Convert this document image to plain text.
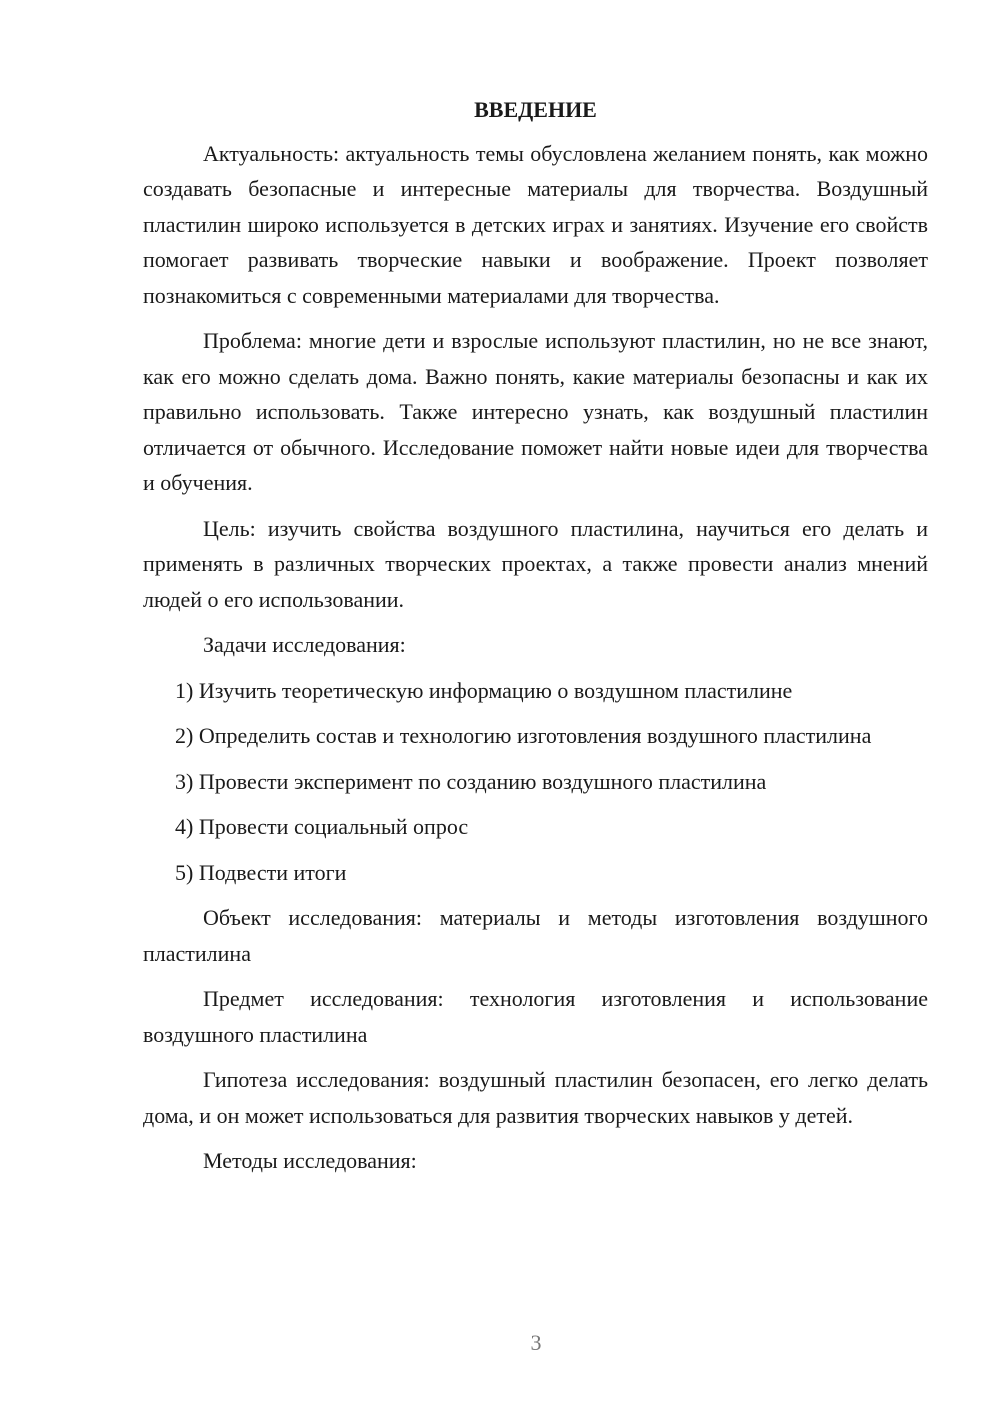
ВВЕДЕНИЕ

Актуальность: актуальность темы обусловлена желанием понять, как можно создавать безопасные и интересные материалы для творчества. Воздушный пластилин широко используется в детских играх и занятиях. Изучение его свойств помогает развивать творческие навыки и воображение. Проект позволяет познакомиться с современными материалами для творчества.

Проблема: многие дети и взрослые используют пластилин, но не все знают, как его можно сделать дома. Важно понять, какие материалы безопасны и как их правильно использовать. Также интересно узнать, как воздушный пластилин отличается от обычного. Исследование поможет найти новые идеи для творчества и обучения.

Цель: изучить свойства воздушного пластилина, научиться его делать и применять в различных творческих проектах, а также провести анализ мнений людей о его использовании.

Задачи исследования:

1) Изучить теоретическую информацию о воздушном пластилине

2) Определить состав и технологию изготовления воздушного пластилина

3) Провести эксперимент по созданию воздушного пластилина

4) Провести социальный опрос

5) Подвести итоги

Объект исследования: материалы и методы изготовления воздушного пластилина

Предмет исследования: технология изготовления и использование воздушного пластилина

Гипотеза исследования: воздушный пластилин безопасен, его легко делать дома, и он может использоваться для развития творческих навыков у детей.

Методы исследования:

3
